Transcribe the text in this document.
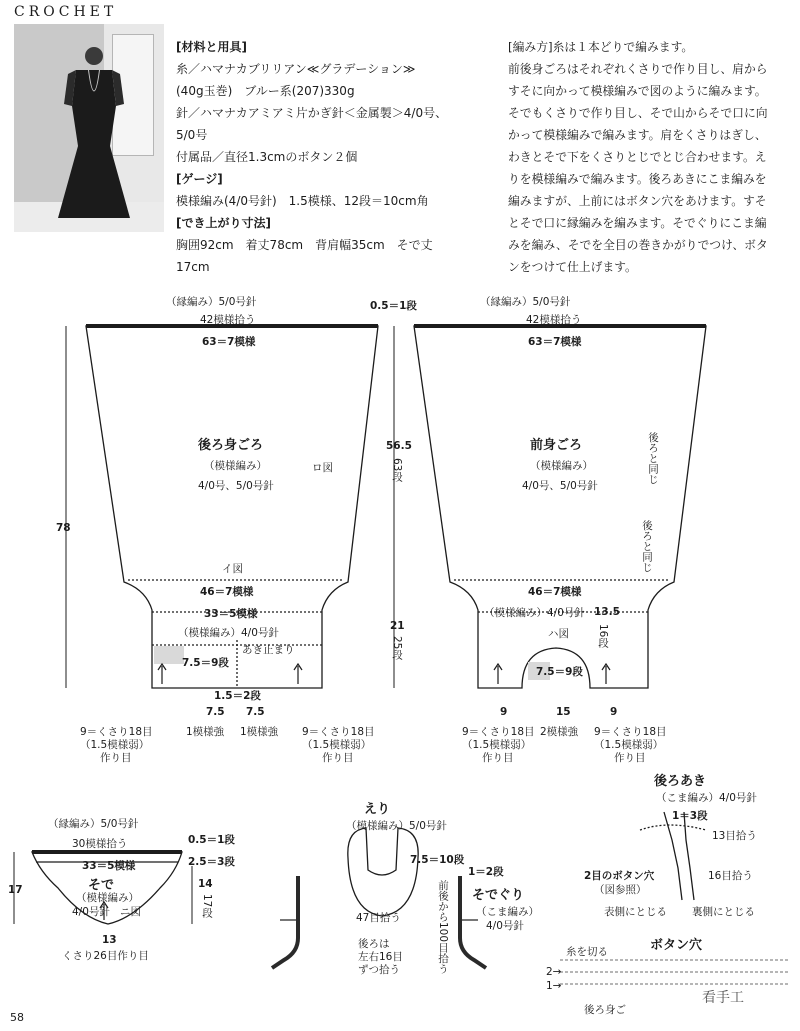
CROCHET
[材料と用具]
糸／ハマナカブリリアン≪グラデーション≫
(40g玉巻)　ブルー系(207)330g
針／ハマナカアミアミ片かぎ針＜金属製＞4/0号、
5/0号
付属品／直径1.3cmのボタン２個
[ゲージ]
模様編み(4/0号針)　1.5模様、12段＝10cm角
[でき上がり寸法]
胸囲92cm　着丈78cm　背肩幅35cm　そで丈
17cm
[編み方]糸は１本どりで編みます。
前後身ごろはそれぞれくさりで作り目し、肩から
すそに向かって模様編みで図のように編みます。
そでもくさりで作り目し、そで山からそで口に向
かって模様編みで編みます。肩をくさりはぎし、
わきとそで下をくさりとじでとじ合わせます。え
りを模様編みで編みます。後ろあきにこま編みを
編みますが、上前にはボタン穴をあけます。すそ
とそで口に縁編みを編みます。そでぐりにこま編
みを編み、そでを全目の巻きかがりでつけ、ボタ
ンをつけて仕上げます。
（縁編み）5/0号針
42模様拾う
63＝7模様
後ろ身ごろ
（模様編み）
4/0号、5/0号針
ロ図
イ図
46＝7模様
33＝5模様
（模様編み）4/0号針
7.5＝9段
あき止まり
1.5＝2段
7.5 7.5
9＝くさり18目
（1.5模様弱）
作り目
1模様強 1模様強 9＝くさり18目
（1.5模様弱）
作り目
78
0.5＝1段
56.5
63段
21
25段
（縁編み）5/0号針
42模様拾う
63＝7模様
前身ごろ
（模様編み）
4/0号、5/0号針
後ろと同じ
後ろと同じ
46＝7模様
（模様編み）4/0号針 13.5
16段
ハ図
7.5＝9段
9	15	9
9＝くさり18目
（1.5模様弱）
作り目
2模様強 9＝くさり18目
（1.5模様弱）
作り目
（縁編み）5/0号針
30模様拾う
33＝5模様
そで
（模様編み）
4/0号針 ニ図
17
0.5＝1段
2.5＝3段
14
17段
13
くさり26目作り目
えり
（模様編み）5/0号針
7.5＝10段
47目拾う
後ろは
左右16目
ずつ拾う	前後から100目拾う
1＝2段
そでぐり
（こま編み）
4/0号針
後ろあき
（こま編み）4/0号針
1＝3段
13目拾う
2目のボタン穴
（図参照）
16目拾う
表側にとじる 裏側にとじる
ボタン穴
糸を切る
2→
1→
後ろ身ご
看手工
58
